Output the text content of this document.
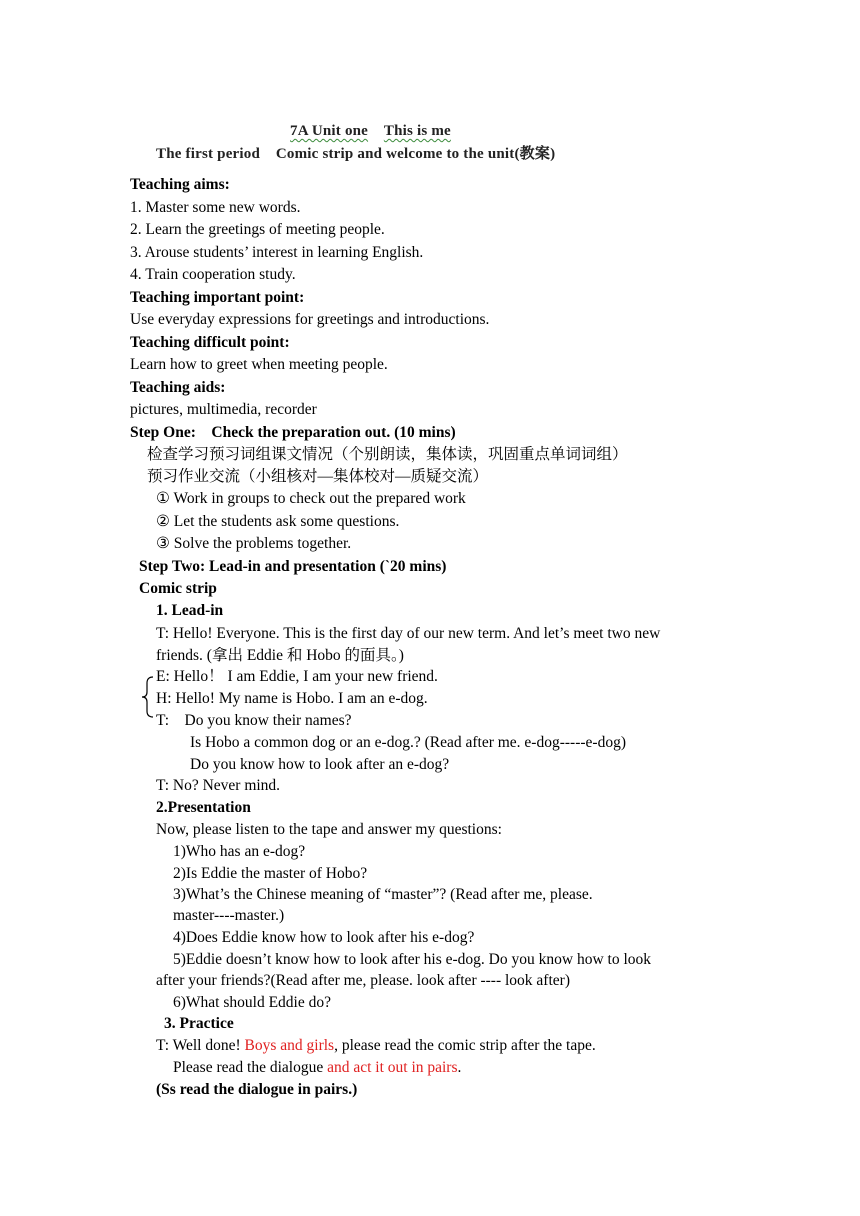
7A Unit one This is me
The first period Comic strip and welcome to the unit(教案)
Teaching aims:
1. Master some new words.
2. Learn the greetings of meeting people.
3. Arouse students’ interest in learning English.
4. Train cooperation study.
Teaching important point:
Use everyday expressions for greetings and introductions.
Teaching difficult point:
Learn how to greet when meeting people.
Teaching aids:
pictures, multimedia, recorder
Step One:    Check the preparation out. (10 mins)
检查学习预习词组课文情况（个别朗读，集体读，巩固重点单词词组）
预习作业交流（小组核对—集体校对—质疑交流）
① Work in groups to check out the prepared work
② Let the students ask some questions.
③ Solve the problems together.
Step Two: Lead-in and presentation (`20 mins)
Comic strip
1. Lead-in
T: Hello! Everyone. This is the first day of our new term. And let’s meet two new
friends. (拿出 Eddie 和 Hobo 的面具。)
E: Hello！ I am Eddie, I am your new friend.
H: Hello! My name is Hobo. I am an e-dog.
T:    Do you know their names?
Is Hobo a common dog or an e-dog.? (Read after me. e-dog-----e-dog)
Do you know how to look after an e-dog?
T: No? Never mind.
2.Presentation
Now, please listen to the tape and answer my questions:
1)Who has an e-dog?
2)Is Eddie the master of Hobo?
3)What’s the Chinese meaning of “master”? (Read after me, please.
master----master.)
4)Does Eddie know how to look after his e-dog?
5)Eddie doesn’t know how to look after his e-dog. Do you know how to look
after your friends?(Read after me, please. look after ---- look after)
6)What should Eddie do?
3. Practice
T: Well done! Boys and girls, please read the comic strip after the tape.
Please read the dialogue and act it out in pairs.
(Ss read the dialogue in pairs.)
